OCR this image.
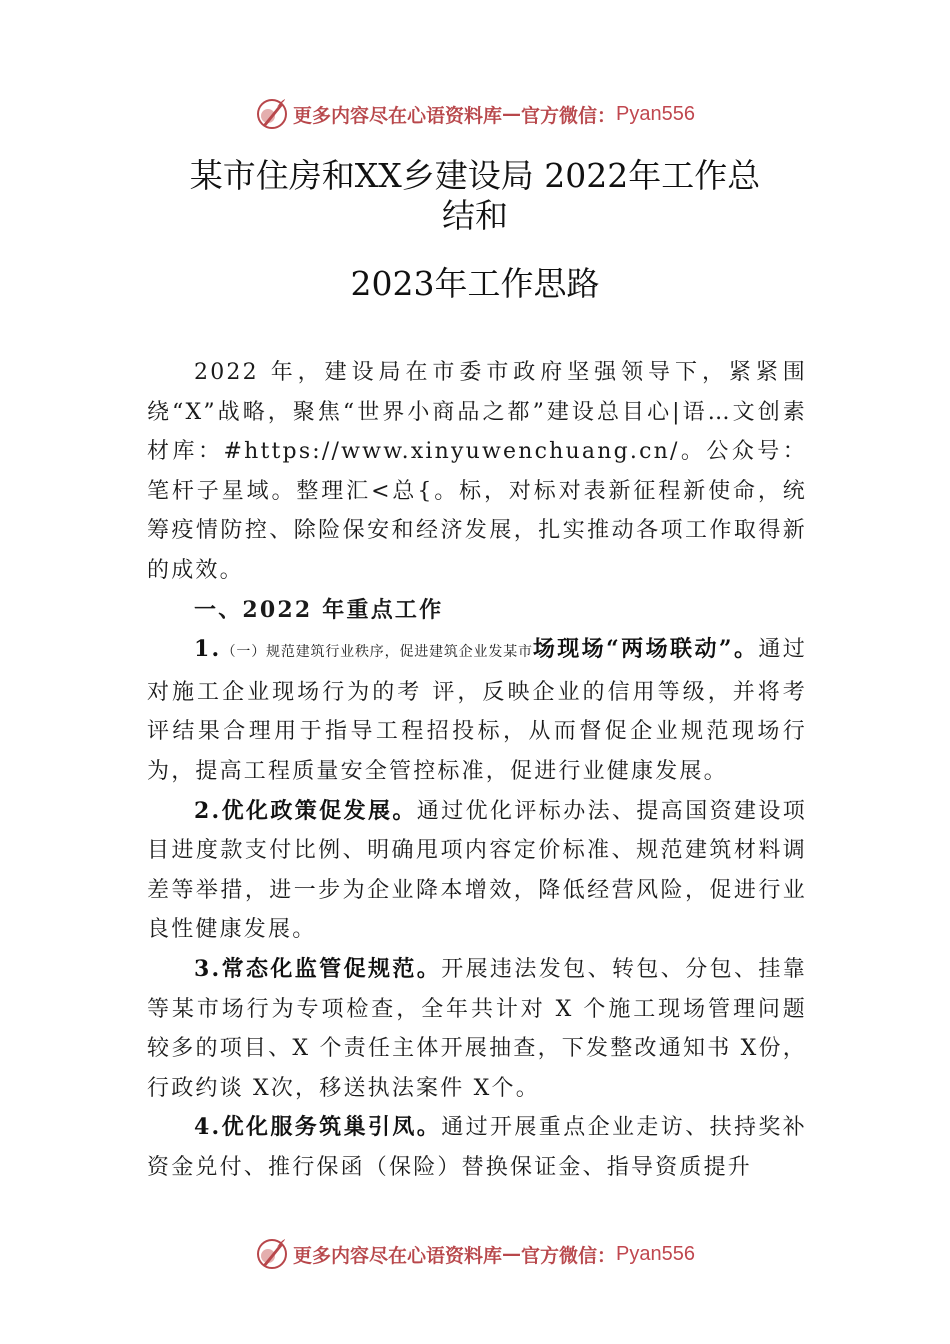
更多内容尽在心语资料库 — 官方微信： Pyan556
某市住房和XX乡建设局 2022年工作总
结和
2023年工作思路

2022 年，建设局在市委市政府坚强领导下，紧紧围绕“X”战略，聚焦“世界小商品之都”建设总目心|语…文创素材库：#https://www.xinyuwenchuang.cn/。公众号：笔杆子星域。整理汇<总{。标，对标对表新征程新使命，统筹疫情防控、除险保安和经济发展，扎实推动各项工作取得新的成效。

一、2022 年重点工作

1.（一）规范建筑行业秩序，促进建筑企业发某市场现场“两场联动”。通过对施工企业现场行为的考 评，反映企业的信用等级，并将考评结果合理用于指导工程招投标，从而督促企业规范现场行为，提高工程质量安全管控标准，促进行业健康发展。

2.优化政策促发展。通过优化评标办法、提高国资建设项目进度款支付比例、明确甩项内容定价标准、规范建筑材料调差等举措，进一步为企业降本增效，降低经营风险，促进行业良性健康发展。

3.常态化监管促规范。开展违法发包、转包、分包、挂靠等某市场行为专项检查，全年共计对 X 个施工现场管理问题较多的项目、X 个责任主体开展抽查，下发整改通知书 X份，行政约谈 X次，移送执法案件 X个。

4.优化服务筑巢引凤。通过开展重点企业走访、扶持奖补资金兑付、推行保函（保险）替换保证金、指导资质提升

更多内容尽在心语资料库 — 官方微信： Pyan556
